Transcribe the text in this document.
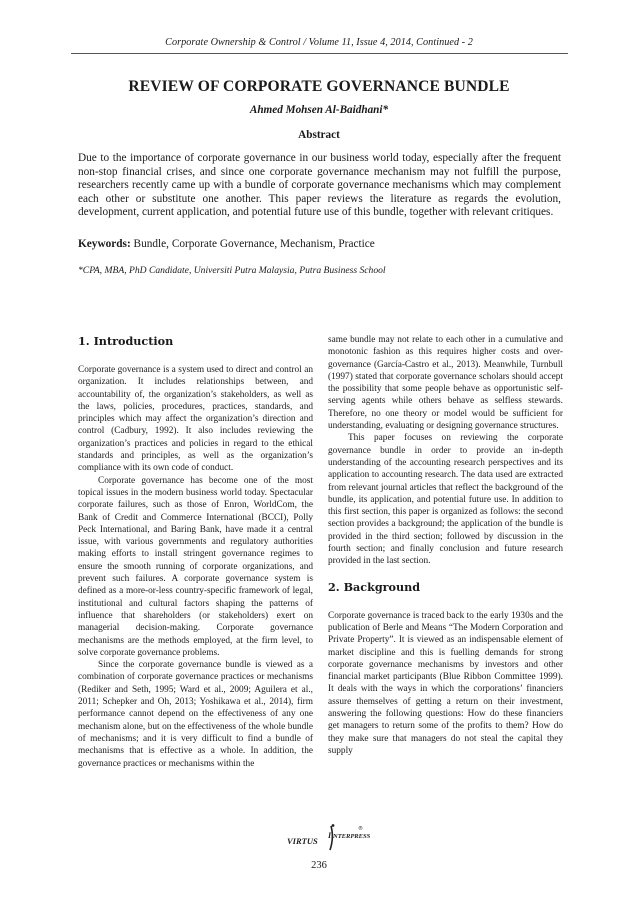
Corporate Ownership & Control / Volume 11, Issue 4, 2014, Continued - 2
REVIEW OF CORPORATE GOVERNANCE BUNDLE
Ahmed Mohsen Al-Baidhani*
Abstract
Due to the importance of corporate governance in our business world today, especially after the frequent non-stop financial crises, and since one corporate governance mechanism may not fulfill the purpose, researchers recently came up with a bundle of corporate governance mechanisms which may complement each other or substitute one another. This paper reviews the literature as regards the evolution, development, current application, and potential future use of this bundle, together with relevant critiques.
Keywords: Bundle, Corporate Governance, Mechanism, Practice
*CPA, MBA, PhD Candidate, Universiti Putra Malaysia, Putra Business School
1. Introduction

Corporate governance is a system used to direct and control an organization. It includes relationships between, and accountability of, the organization’s stakeholders, as well as the laws, policies, procedures, practices, standards, and principles which may affect the organization’s direction and control (Cadbury, 1992). It also includes reviewing the organization’s practices and policies in regard to the ethical standards and principles, as well as the organization’s compliance with its own code of conduct.

Corporate governance has become one of the most topical issues in the modern business world today. Spectacular corporate failures, such as those of Enron, WorldCom, the Bank of Credit and Commerce International (BCCI), Polly Peck International, and Baring Bank, have made it a central issue, with various governments and regulatory authorities making efforts to install stringent governance regimes to ensure the smooth running of corporate organizations, and prevent such failures. A corporate governance system is defined as a more-or-less country-specific framework of legal, institutional and cultural factors shaping the patterns of influence that shareholders (or stakeholders) exert on managerial decision-making. Corporate governance mechanisms are the methods employed, at the firm level, to solve corporate governance problems.

Since the corporate governance bundle is viewed as a combination of corporate governance practices or mechanisms (Rediker and Seth, 1995; Ward et al., 2009; Aguilera et al., 2011; Schepker and Oh, 2013; Yoshikawa et al., 2014), firm performance cannot depend on the effectiveness of any one mechanism alone, but on the effectiveness of the whole bundle of mechanisms; and it is very difficult to find a bundle of mechanisms that is effective as a whole. In addition, the governance practices or mechanisms within the

same bundle may not relate to each other in a cumulative and monotonic fashion as this requires higher costs and over-governance (García-Castro et al., 2013). Meanwhile, Turnbull (1997) stated that corporate governance scholars should accept the possibility that some people behave as opportunistic self-serving agents while others behave as selfless stewards. Therefore, no one theory or model would be sufficient for understanding, evaluating or designing governance structures.

This paper focuses on reviewing the corporate governance bundle in order to provide an in-depth understanding of the accounting research perspectives and its application to accounting research. The data used are extracted from relevant journal articles that reflect the background of the bundle, its application, and potential future use. In addition to this first section, this paper is organized as follows: the second section provides a background; the application of the bundle is provided in the third section; followed by discussion in the fourth section; and finally conclusion and future research provided in the last section.

2. Background

Corporate governance is traced back to the early 1930s and the publication of Berle and Means “The Modern Corporation and Private Property”. It is viewed as an indispensable element of market discipline and this is fuelling demands for strong corporate governance mechanisms by investors and other financial market participants (Blue Ribbon Committee 1999). It deals with the ways in which the corporations’ financiers assure themselves of getting a return on their investment, answering the following questions: How do these financiers get managers to return some of the profits to them? How do they make sure that managers do not steal the capital they supply

VIRTUS
I NTERPRESS
®
236
